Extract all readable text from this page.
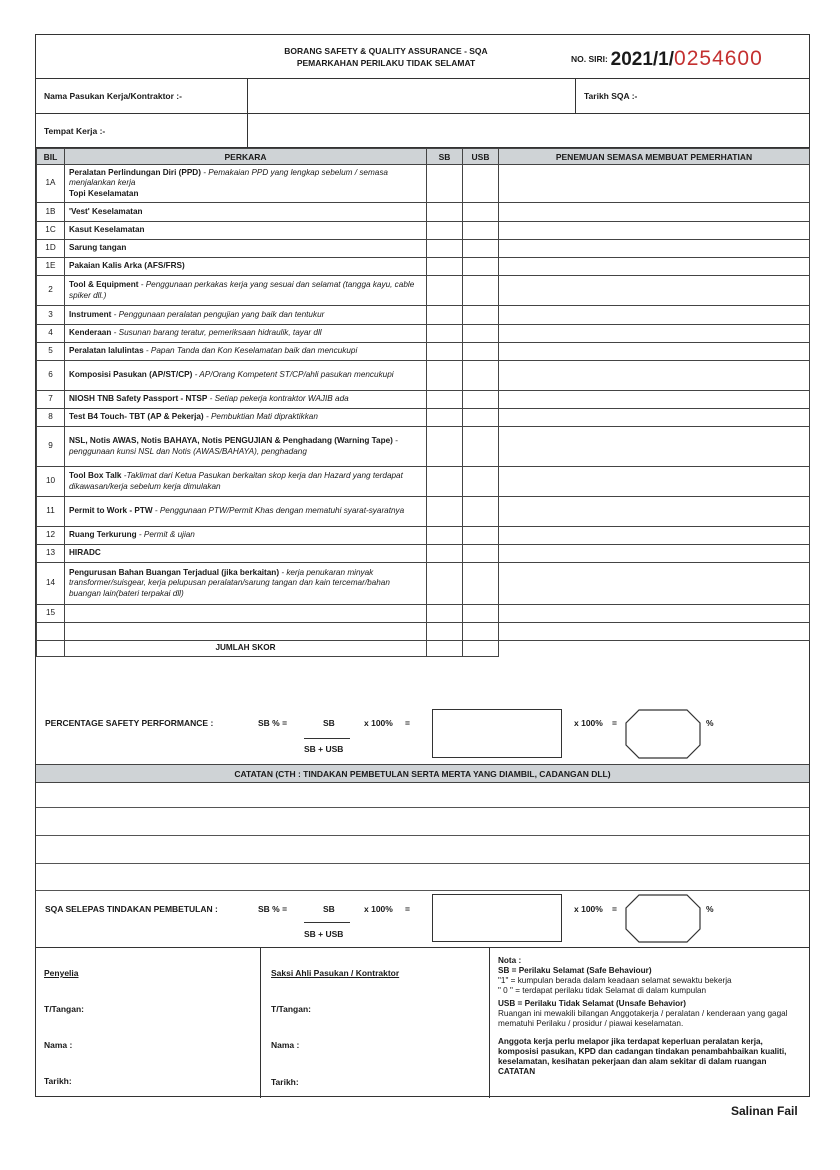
BORANG SAFETY & QUALITY ASSURANCE - SQA
PEMARKAHAN PERILAKU TIDAK SELAMAT	NO. SIRI: 2021/1/0254600
Nama Pasukan Kerja/Kontraktor :-	Tarikh SQA :-
Tempat Kerja :-
BIL	PERKARA	SB	USB	PENEMUAN SEMASA MEMBUAT PEMERHATIAN
1A	Peralatan Perlindungan Diri (PPD) - Pemakaian PPD yang lengkap sebelum / semasa menjalankan kerja
Topi Keselamatan			
1B	'Vest' Keselamatan			
1C	Kasut Keselamatan			
1D	Sarung tangan			
1E	Pakaian Kalis Arka (AFS/FRS)			
2	Tool & Equipment - Penggunaan perkakas kerja yang sesuai dan selamat (tangga kayu, cable spiker dll.)			
3	Instrument - Penggunaan peralatan pengujian yang baik dan tentukur			
4	Kenderaan - Susunan barang teratur, pemeriksaan hidraulik, tayar dll			
5	Peralatan lalulintas - Papan Tanda dan Kon Keselamatan baik dan mencukupi			
6	Komposisi Pasukan (AP/ST/CP) - AP/Orang Kompetent ST/CP/ahli pasukan mencukupi			
7	NIOSH TNB Safety Passport - NTSP - Setiap pekerja kontraktor WAJIB ada			
8	Test B4 Touch- TBT (AP & Pekerja) - Pembuktian Mati dipraktikkan			
9	NSL, Notis AWAS, Notis BAHAYA, Notis PENGUJIAN & Penghadang (Warning Tape) -penggunaan kunsi NSL dan Notis (AWAS/BAHAYA), penghadang			
10	Tool Box Talk -Taklimat dari Ketua Pasukan berkaitan skop kerja dan Hazard yang terdapat dikawasan/kerja sebelum kerja dimulakan			
11	Permit to Work - PTW - Penggunaan PTW/Permit Khas dengan mematuhi syarat-syaratnya			
12	Ruang Terkurung - Permit & ujian			
13	HIRADC			
14	Pengurusan Bahan Buangan Terjadual (jika berkaitan) - kerja penukaran minyak transformer/suisgear, kerja pelupusan peralatan/sarung tangan dan kain tercemar/bahan buangan lain(bateri terpakai dll)			
15				

	JUMLAH SKOR			
PERCENTAGE SAFETY PERFORMANCE :	SB % =	SB
SB + USB
x 100% =	x 100% =	%
CATATAN (CTH : TINDAKAN PEMBETULAN SERTA MERTA YANG DIAMBIL, CADANGAN DLL)
SQA SELEPAS TINDAKAN PEMBETULAN :	SB % =	SB
SB + USB
x 100% =	x 100% =	%
Penyelia
T/Tangan:
Nama :
Tarikh:
Saksi Ahli Pasukan / Kontraktor
T/Tangan:
Nama :
Tarikh:
Nota :
SB = Perilaku Selamat (Safe Behaviour)
"1" = kumpulan berada dalam keadaan selamat sewaktu bekerja
" 0 " = terdapat perilaku tidak Selamat di dalam kumpulan
USB = Perilaku Tidak Selamat (Unsafe Behavior)
Ruangan ini mewakili bilangan Anggotakerja / peralatan / kenderaan yang gagal mematuhi Perilaku / prosidur / piawai keselamatan.
Anggota kerja perlu melapor jika terdapat keperluan peralatan kerja, komposisi pasukan, KPD dan cadangan tindakan penambahbaikan kualiti, keselamatan, kesihatan pekerjaan dan alam sekitar di dalam ruangan CATATAN
Salinan Fail
